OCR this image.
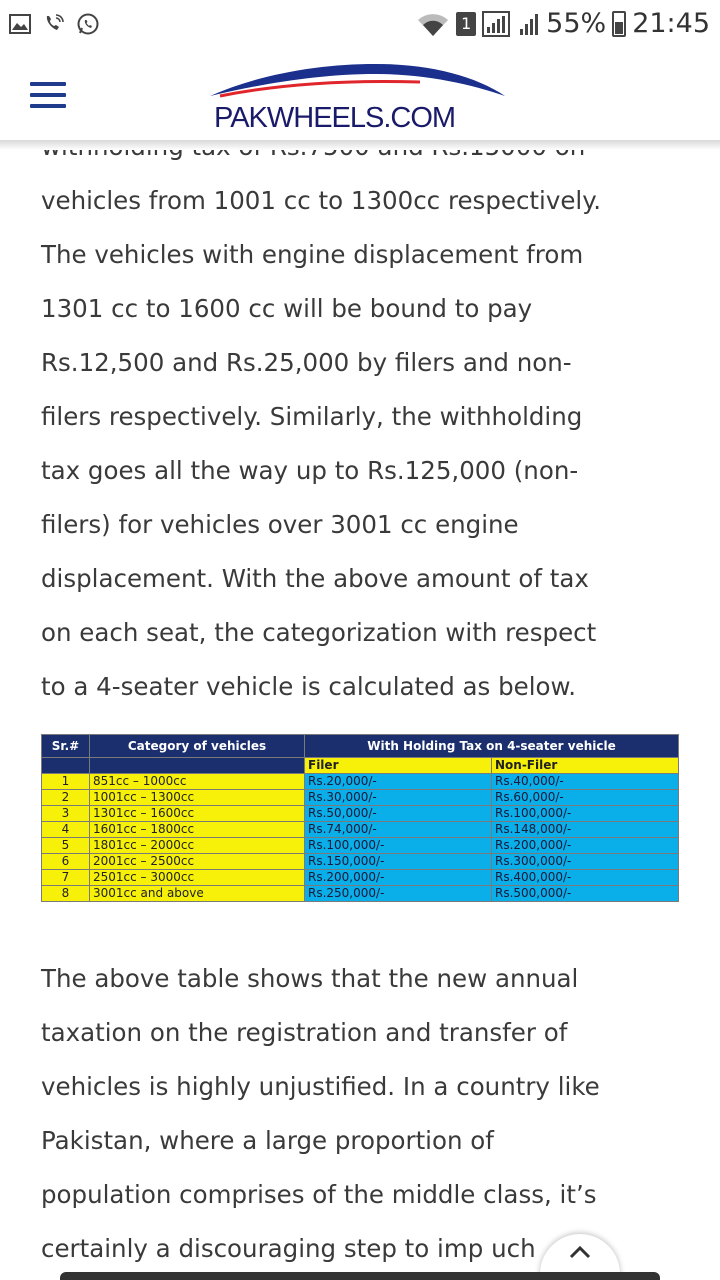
1	55% 21:45
vehicles from 1001 cc to 1300cc respectively.
The vehicles with engine displacement from
1301 cc to 1600 cc will be bound to pay
Rs.12,500 and Rs.25,000 by filers and non-
filers respectively. Similarly, the withholding
tax goes all the way up to Rs.125,000 (non-
filers) for vehicles over 3001 cc engine
displacement. With the above amount of tax
on each seat, the categorization with respect
to a 4-seater vehicle is calculated as below.
PAKWHEELS.COM
Sr.#	Category of vehicles	With Holding Tax on 4-seater vehicle	
		Filer	Non-Filer
1	851cc – 1000cc	Rs.20,000/-	Rs.40,000/-
2	1001cc – 1300cc	Rs.30,000/-	Rs.60,000/-
3	1301cc – 1600cc	Rs.50,000/-	Rs.100,000/-
4	1601cc – 1800cc	Rs.74,000/-	Rs.148,000/-
5	1801cc – 2000cc	Rs.100,000/-	Rs.200,000/-
6	2001cc – 2500cc	Rs.150,000/-	Rs.300,000/-
7	2501cc – 3000cc	Rs.200,000/-	Rs.400,000/-
8	3001cc and above	Rs.250,000/-	Rs.500,000/-
The above table shows that the new annual
taxation on the registration and transfer of
vehicles is highly unjustified. In a country like
Pakistan, where a large proportion of
population comprises of the middle class, it’s
certainly a discouraging step to imp uch
